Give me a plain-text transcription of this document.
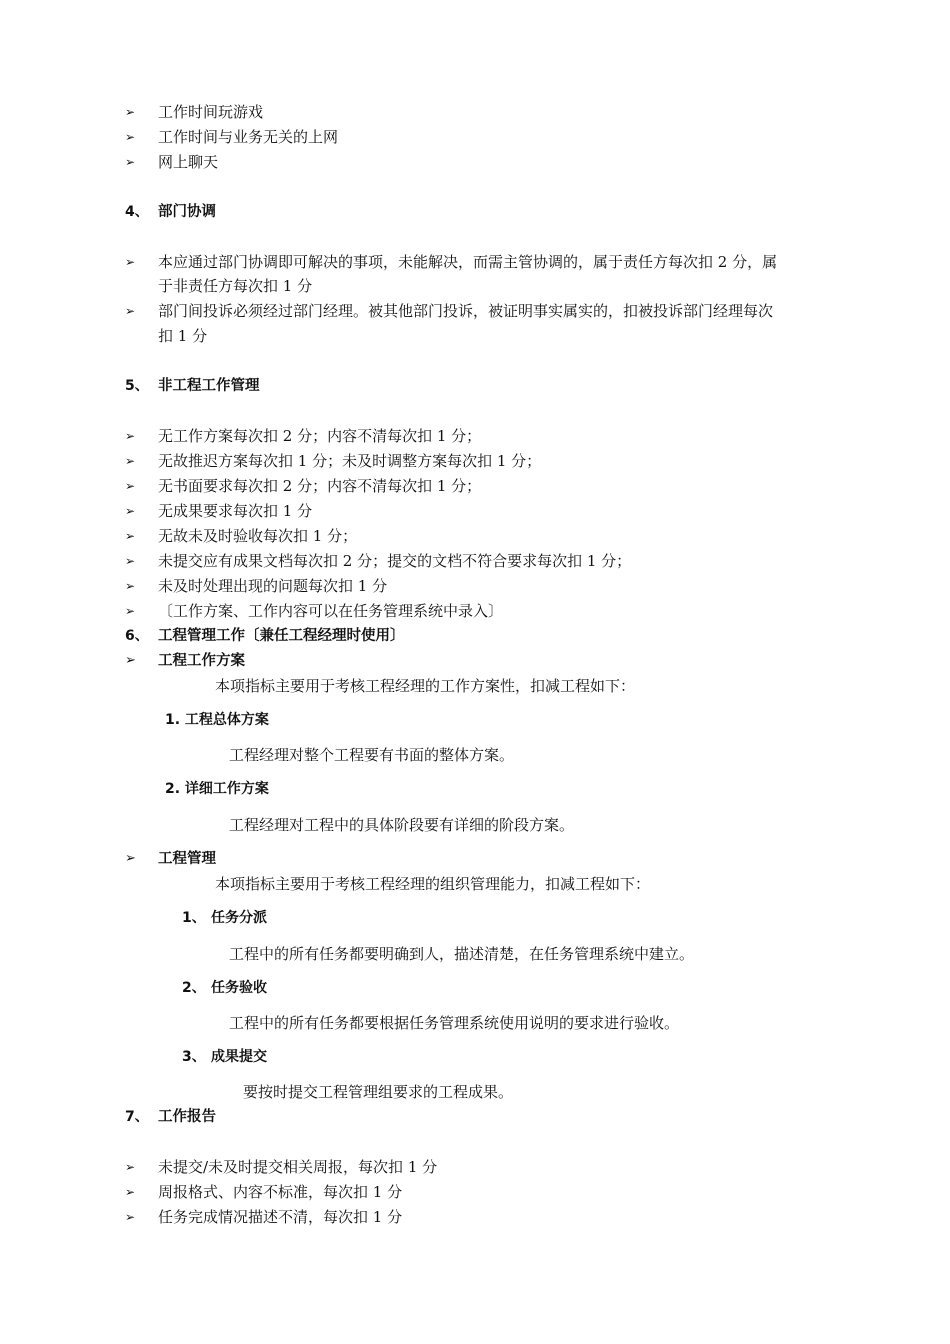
➢ 工作时间玩游戏
➢ 工作时间与业务无关的上网
➢ 网上聊天
4、 部门协调
➢ 本应通过部门协调即可解决的事项，未能解决，而需主管协调的，属于责任方每次扣 2 分，属
于非责任方每次扣 1 分
➢ 部门间投诉必须经过部门经理。被其他部门投诉，被证明事实属实的，扣被投诉部门经理每次
扣 1 分
5、 非工程工作管理
➢ 无工作方案每次扣 2 分；内容不清每次扣 1 分；
➢ 无故推迟方案每次扣 1 分；未及时调整方案每次扣 1 分；
➢ 无书面要求每次扣 2 分；内容不清每次扣 1 分；
➢ 无成果要求每次扣 1 分
➢ 无故未及时验收每次扣 1 分；
➢ 未提交应有成果文档每次扣 2 分；提交的文档不符合要求每次扣 1 分；
➢ 未及时处理出现的问题每次扣 1 分
➢ 〔工作方案、工作内容可以在任务管理系统中录入〕
6、 工程管理工作〔兼任工程经理时使用〕
➢ 工程工作方案
本项指标主要用于考核工程经理的工作方案性，扣减工程如下：
1. 工程总体方案
工程经理对整个工程要有书面的整体方案。
2. 详细工作方案
工程经理对工程中的具体阶段要有详细的阶段方案。
➢ 工程管理
本项指标主要用于考核工程经理的组织管理能力，扣减工程如下：
1、 任务分派
工程中的所有任务都要明确到人，描述清楚，在任务管理系统中建立。
2、 任务验收
工程中的所有任务都要根据任务管理系统使用说明的要求进行验收。
3、 成果提交
要按时提交工程管理组要求的工程成果。
7、 工作报告
➢ 未提交/未及时提交相关周报，每次扣 1 分
➢ 周报格式、内容不标准，每次扣 1 分
➢ 任务完成情况描述不清，每次扣 1 分
